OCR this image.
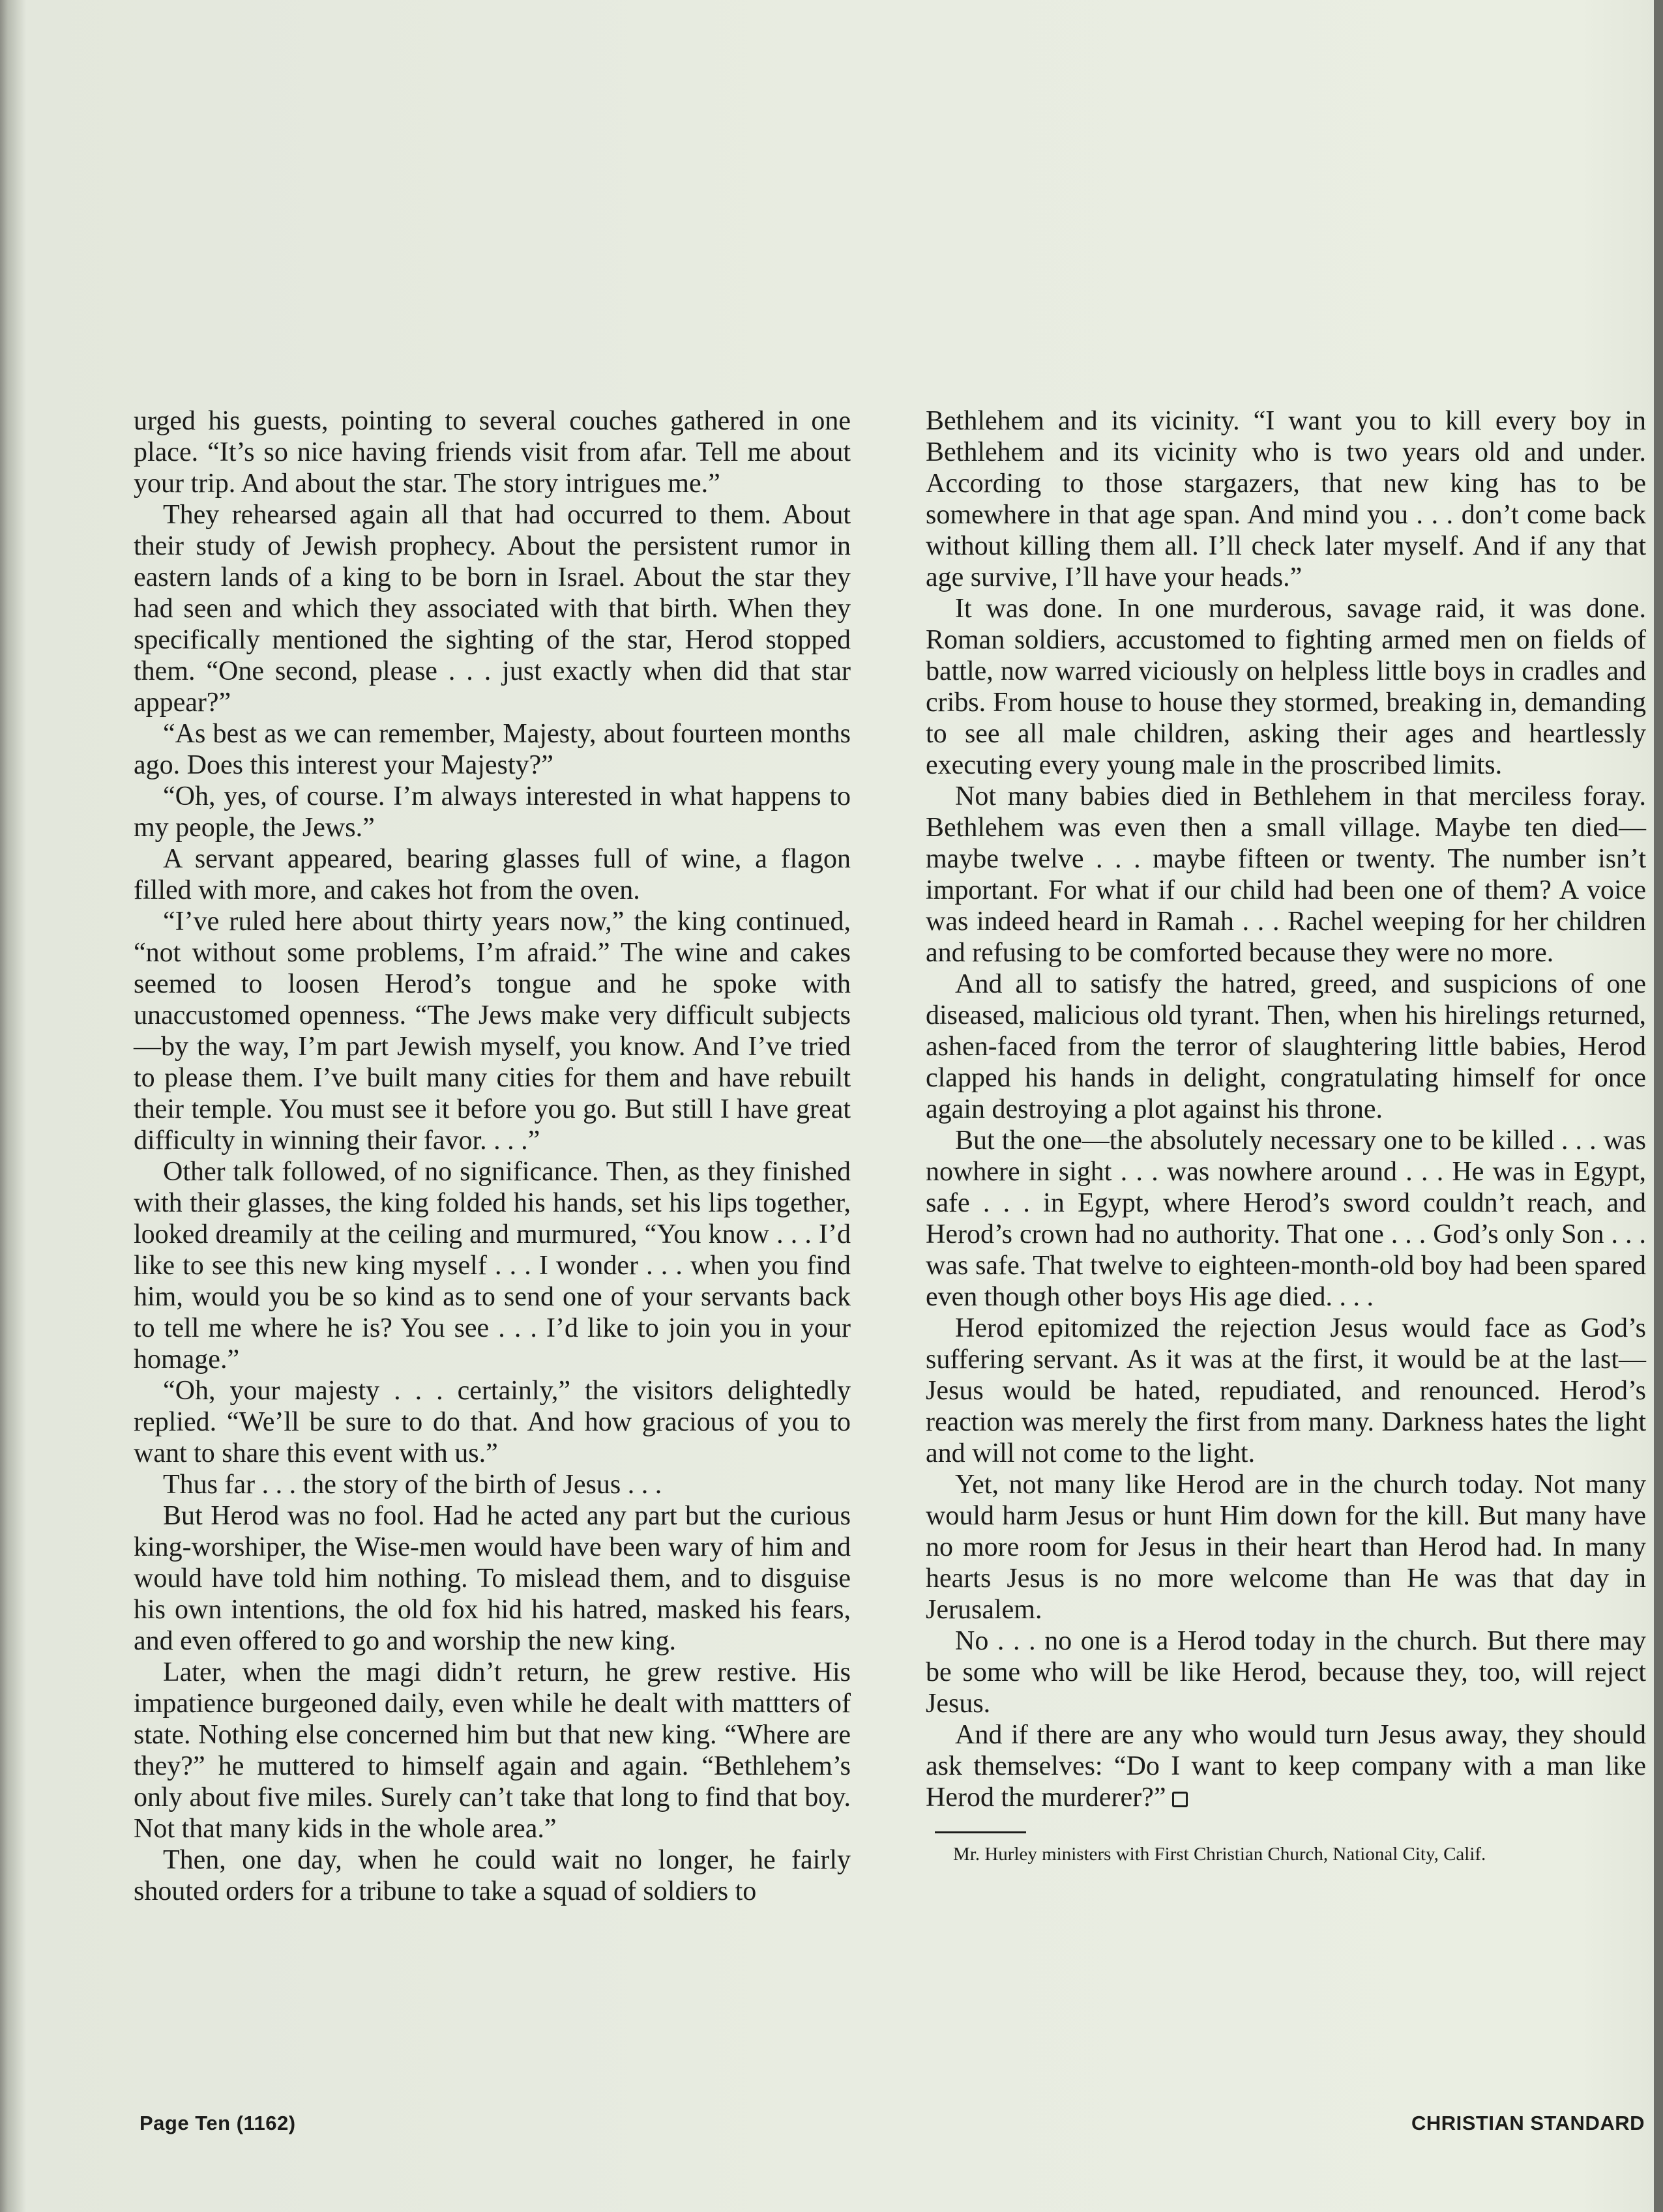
urged his guests, pointing to several couches gathered in one place. “It’s so nice having friends visit from afar. Tell me about your trip. And about the star. The story intrigues me.”

They rehearsed again all that had occurred to them. About their study of Jewish prophecy. About the persistent rumor in eastern lands of a king to be born in Israel. About the star they had seen and which they associated with that birth. When they specifically mentioned the sighting of the star, Herod stopped them. “One second, please . . . just exactly when did that star appear?”

“As best as we can remember, Majesty, about fourteen months ago. Does this interest your Majesty?”

“Oh, yes, of course. I’m always interested in what happens to my people, the Jews.”

A servant appeared, bearing glasses full of wine, a flagon filled with more, and cakes hot from the oven.

“I’ve ruled here about thirty years now,” the king continued, “not without some problems, I’m afraid.” The wine and cakes seemed to loosen Herod’s tongue and he spoke with unaccustomed openness. “The Jews make very difficult subjects—by the way, I’m part Jewish myself, you know. And I’ve tried to please them. I’ve built many cities for them and have rebuilt their temple. You must see it before you go. But still I have great difficulty in winning their favor. . . .”

Other talk followed, of no significance. Then, as they finished with their glasses, the king folded his hands, set his lips together, looked dreamily at the ceiling and murmured, “You know . . . I’d like to see this new king myself . . . I wonder . . . when you find him, would you be so kind as to send one of your servants back to tell me where he is? You see . . . I’d like to join you in your homage.”

“Oh, your majesty . . . certainly,” the visitors delightedly replied. “We’ll be sure to do that. And how gracious of you to want to share this event with us.”

Thus far . . . the story of the birth of Jesus . . .

But Herod was no fool. Had he acted any part but the curious king-worshiper, the Wise-men would have been wary of him and would have told him nothing. To mislead them, and to disguise his own intentions, the old fox hid his hatred, masked his fears, and even offered to go and worship the new king.

Later, when the magi didn’t return, he grew restive. His impatience burgeoned daily, even while he dealt with mattters of state. Nothing else concerned him but that new king. “Where are they?” he muttered to himself again and again. “Bethlehem’s only about five miles. Surely can’t take that long to find that boy. Not that many kids in the whole area.”

Then, one day, when he could wait no longer, he fairly shouted orders for a tribune to take a squad of soldiers to

Bethlehem and its vicinity. “I want you to kill every boy in Bethlehem and its vicinity who is two years old and under. According to those stargazers, that new king has to be somewhere in that age span. And mind you . . . don’t come back without killing them all. I’ll check later myself. And if any that age survive, I’ll have your heads.”

It was done. In one murderous, savage raid, it was done. Roman soldiers, accustomed to fighting armed men on fields of battle, now warred viciously on helpless little boys in cradles and cribs. From house to house they stormed, breaking in, demanding to see all male children, asking their ages and heartlessly executing every young male in the proscribed limits.

Not many babies died in Bethlehem in that merciless foray. Bethlehem was even then a small village. Maybe ten died—maybe twelve . . . maybe fifteen or twenty. The number isn’t important. For what if our child had been one of them? A voice was indeed heard in Ramah . . . Rachel weeping for her children and refusing to be comforted because they were no more.

And all to satisfy the hatred, greed, and suspicions of one diseased, malicious old tyrant. Then, when his hirelings returned, ashen-faced from the terror of slaughtering little babies, Herod clapped his hands in delight, congratulating himself for once again destroying a plot against his throne.

But the one—the absolutely necessary one to be killed . . . was nowhere in sight . . . was nowhere around . . . He was in Egypt, safe . . . in Egypt, where Herod’s sword couldn’t reach, and Herod’s crown had no authority. That one . . . God’s only Son . . . was safe. That twelve to eighteen-month-old boy had been spared even though other boys His age died. . . .

Herod epitomized the rejection Jesus would face as God’s suffering servant. As it was at the first, it would be at the last—Jesus would be hated, repudiated, and renounced. Herod’s reaction was merely the first from many. Darkness hates the light and will not come to the light.

Yet, not many like Herod are in the church today. Not many would harm Jesus or hunt Him down for the kill. But many have no more room for Jesus in their heart than Herod had. In many hearts Jesus is no more welcome than He was that day in Jerusalem.

No . . . no one is a Herod today in the church. But there may be some who will be like Herod, because they, too, will reject Jesus.

And if there are any who would turn Jesus away, they should ask themselves: “Do I want to keep company with a man like Herod the murderer?”

Mr. Hurley ministers with First Christian Church, National City, Calif.

Page Ten (1162)	CHRISTIAN STANDARD
